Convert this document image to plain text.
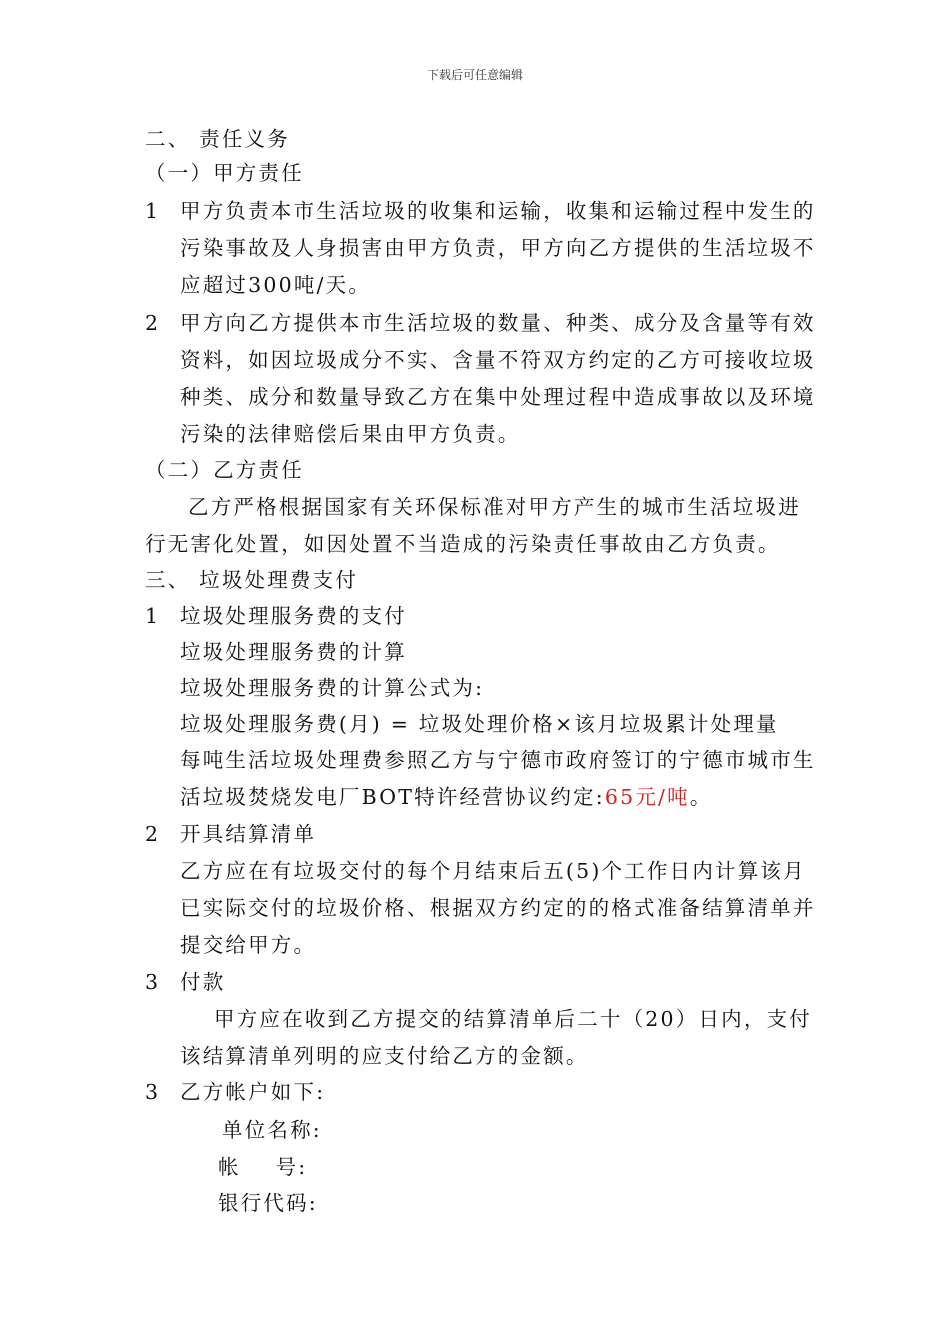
下载后可任意编辑
二、 责任义务
（一）甲方责任
1 甲方负责本市生活垃圾的收集和运输，收集和运输过程中发生的
污染事故及人身损害由甲方负责，甲方向乙方提供的生活垃圾不
应超过300吨/天。
2 甲方向乙方提供本市生活垃圾的数量、种类、成分及含量等有效
资料，如因垃圾成分不实、含量不符双方约定的乙方可接收垃圾
种类、成分和数量导致乙方在集中处理过程中造成事故以及环境
污染的法律赔偿后果由甲方负责。
（二）乙方责任
乙方严格根据国家有关环保标准对甲方产生的城市生活垃圾进
行无害化处置，如因处置不当造成的污染责任事故由乙方负责。
三、 垃圾处理费支付
1 垃圾处理服务费的支付
垃圾处理服务费的计算
垃圾处理服务费的计算公式为:
垃圾处理服务费(月) = 垃圾处理价格×该月垃圾累计处理量
每吨生活垃圾处理费参照乙方与宁德市政府签订的宁德市城市生
活垃圾焚烧发电厂BOT特许经营协议约定:65元/吨。
2 开具结算清单
乙方应在有垃圾交付的每个月结束后五(5)个工作日内计算该月
已实际交付的垃圾价格、根据双方约定的的格式准备结算清单并
提交给甲方。
3 付款
甲方应在收到乙方提交的结算清单后二十（20）日内，支付
该结算清单列明的应支付给乙方的金额。
3 乙方帐户如下:
单位名称:
帐    号:
银行代码:
